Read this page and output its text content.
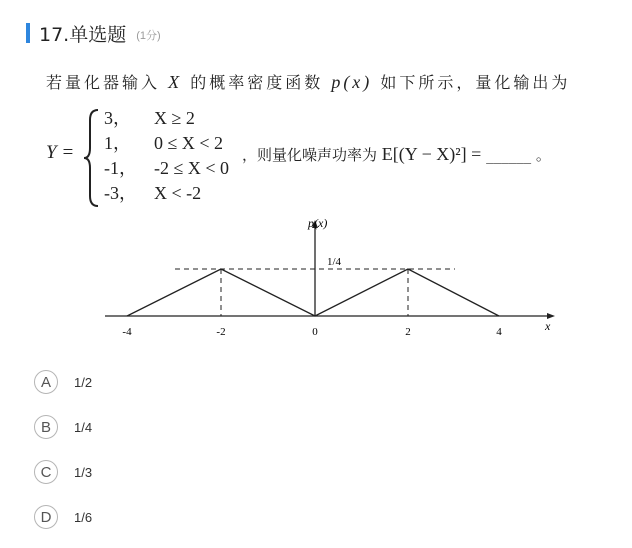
17.单选题 (1分)
若量化器输入 X 的概率密度函数 p(x) 如下所示，量化输出为
Y =
3， X ≥ 2
1， 0 ≤ X < 2
-1， -2 ≤ X < 0
-3， X < -2
，则量化噪声功率为 E[(Y − X)²] = ______ 。
p(x)
1/4
x
-4	-2	0	2	4
A	1/2
B	1/4
C	1/3
D	1/6
